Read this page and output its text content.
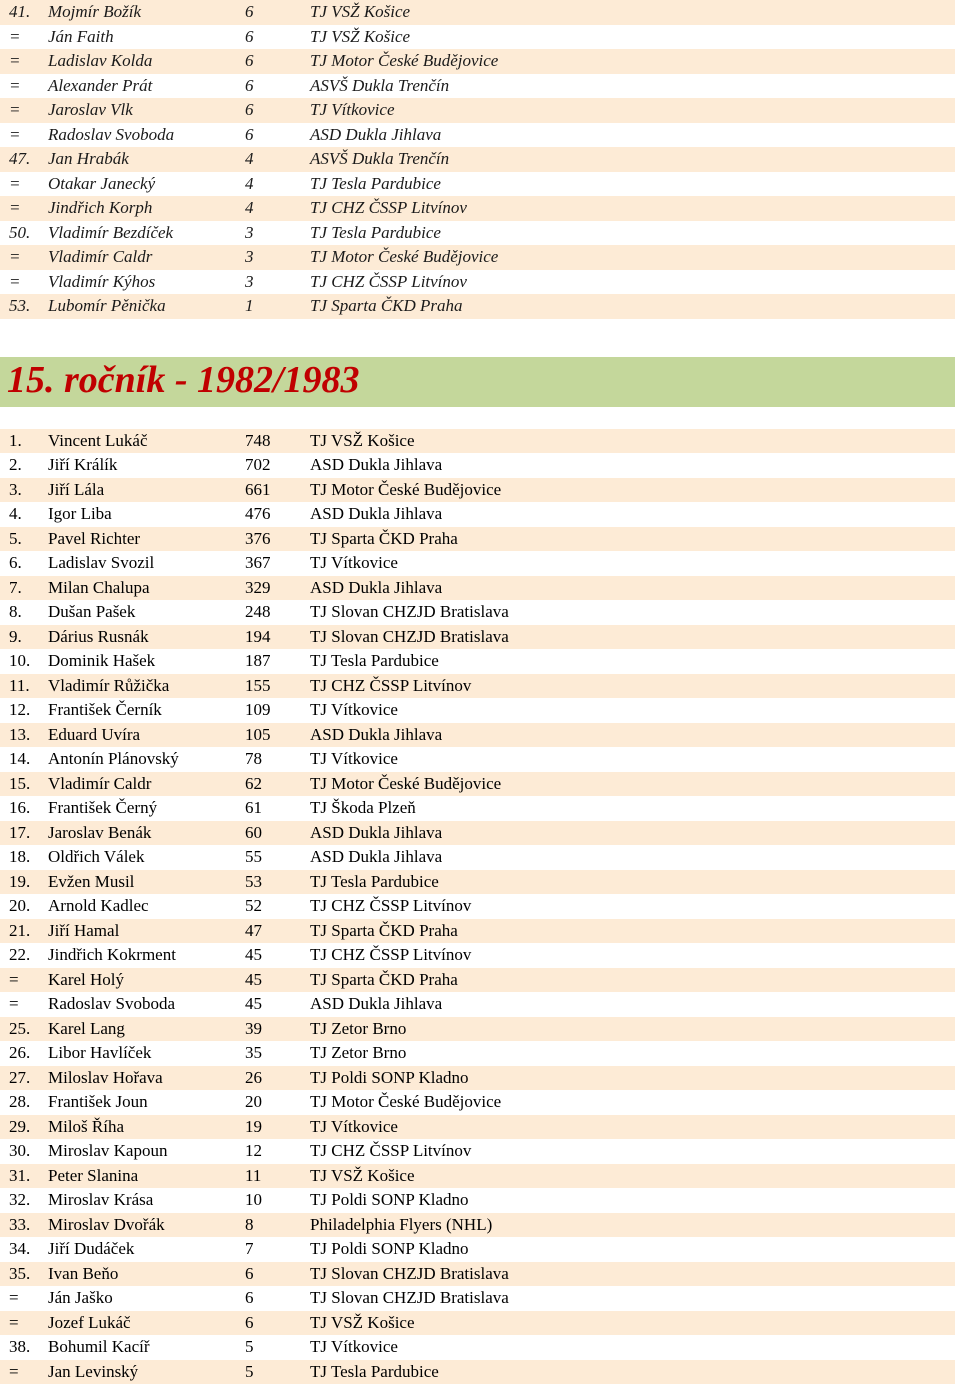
41. Mojmír Božík	6	TJ VSŽ Košice
= Ján Faith	6	TJ VSŽ Košice
= Ladislav Kolda	6	TJ Motor České Budějovice
= Alexander Prát	6	ASVŠ Dukla Trenčín
= Jaroslav Vlk	6	TJ Vítkovice
= Radoslav Svoboda	6	ASD Dukla Jihlava
47. Jan Hrabák	4	ASVŠ Dukla Trenčín
= Otakar Janecký	4	TJ Tesla Pardubice
= Jindřich Korph	4	TJ CHZ ČSSP Litvínov
50. Vladimír Bezdíček	3	TJ Tesla Pardubice
= Vladimír Caldr	3	TJ Motor České Budějovice
= Vladimír Kýhos	3	TJ CHZ ČSSP Litvínov
53. Lubomír Pěnička	1	TJ Sparta ČKD Praha
15. ročník - 1982/1983
1. Vincent Lukáč	748 TJ VSŽ Košice
2. Jiří Králík	702 ASD Dukla Jihlava
3. Jiří Lála	661 TJ Motor České Budějovice
4. Igor Liba	476 ASD Dukla Jihlava
5. Pavel Richter	376 TJ Sparta ČKD Praha
6. Ladislav Svozil	367 TJ Vítkovice
7. Milan Chalupa	329 ASD Dukla Jihlava
8. Dušan Pašek	248 TJ Slovan CHZJD Bratislava
9. Dárius Rusnák	194 TJ Slovan CHZJD Bratislava
10. Dominik Hašek	187 TJ Tesla Pardubice
11. Vladimír Růžička	155 TJ CHZ ČSSP Litvínov
12. František Černík	109 TJ Vítkovice
13. Eduard Uvíra	105 ASD Dukla Jihlava
14. Antonín Plánovský	78	TJ Vítkovice
15. Vladimír Caldr	62	TJ Motor České Budějovice
16. František Černý	61	TJ Škoda Plzeň
17. Jaroslav Benák	60	ASD Dukla Jihlava
18. Oldřich Válek	55	ASD Dukla Jihlava
19. Evžen Musil	53	TJ Tesla Pardubice
20. Arnold Kadlec	52	TJ CHZ ČSSP Litvínov
21. Jiří Hamal	47	TJ Sparta ČKD Praha
22. Jindřich Kokrment	45	TJ CHZ ČSSP Litvínov
= Karel Holý	45	TJ Sparta ČKD Praha
= Radoslav Svoboda	45	ASD Dukla Jihlava
25. Karel Lang	39	TJ Zetor Brno
26. Libor Havlíček	35	TJ Zetor Brno
27. Miloslav Hořava	26	TJ Poldi SONP Kladno
28. František Joun	20	TJ Motor České Budějovice
29. Miloš Říha	19	TJ Vítkovice
30. Miroslav Kapoun	12	TJ CHZ ČSSP Litvínov
31. Peter Slanina	11	TJ VSŽ Košice
32. Miroslav Krása	10	TJ Poldi SONP Kladno
33. Miroslav Dvořák	8	Philadelphia Flyers (NHL)
34. Jiří Dudáček	7	TJ Poldi SONP Kladno
35. Ivan Beňo	6	TJ Slovan CHZJD Bratislava
= Ján Jaško	6	TJ Slovan CHZJD Bratislava
= Jozef Lukáč	6	TJ VSŽ Košice
38. Bohumil Kacíř	5	TJ Vítkovice
= Jan Levinský	5	TJ Tesla Pardubice
